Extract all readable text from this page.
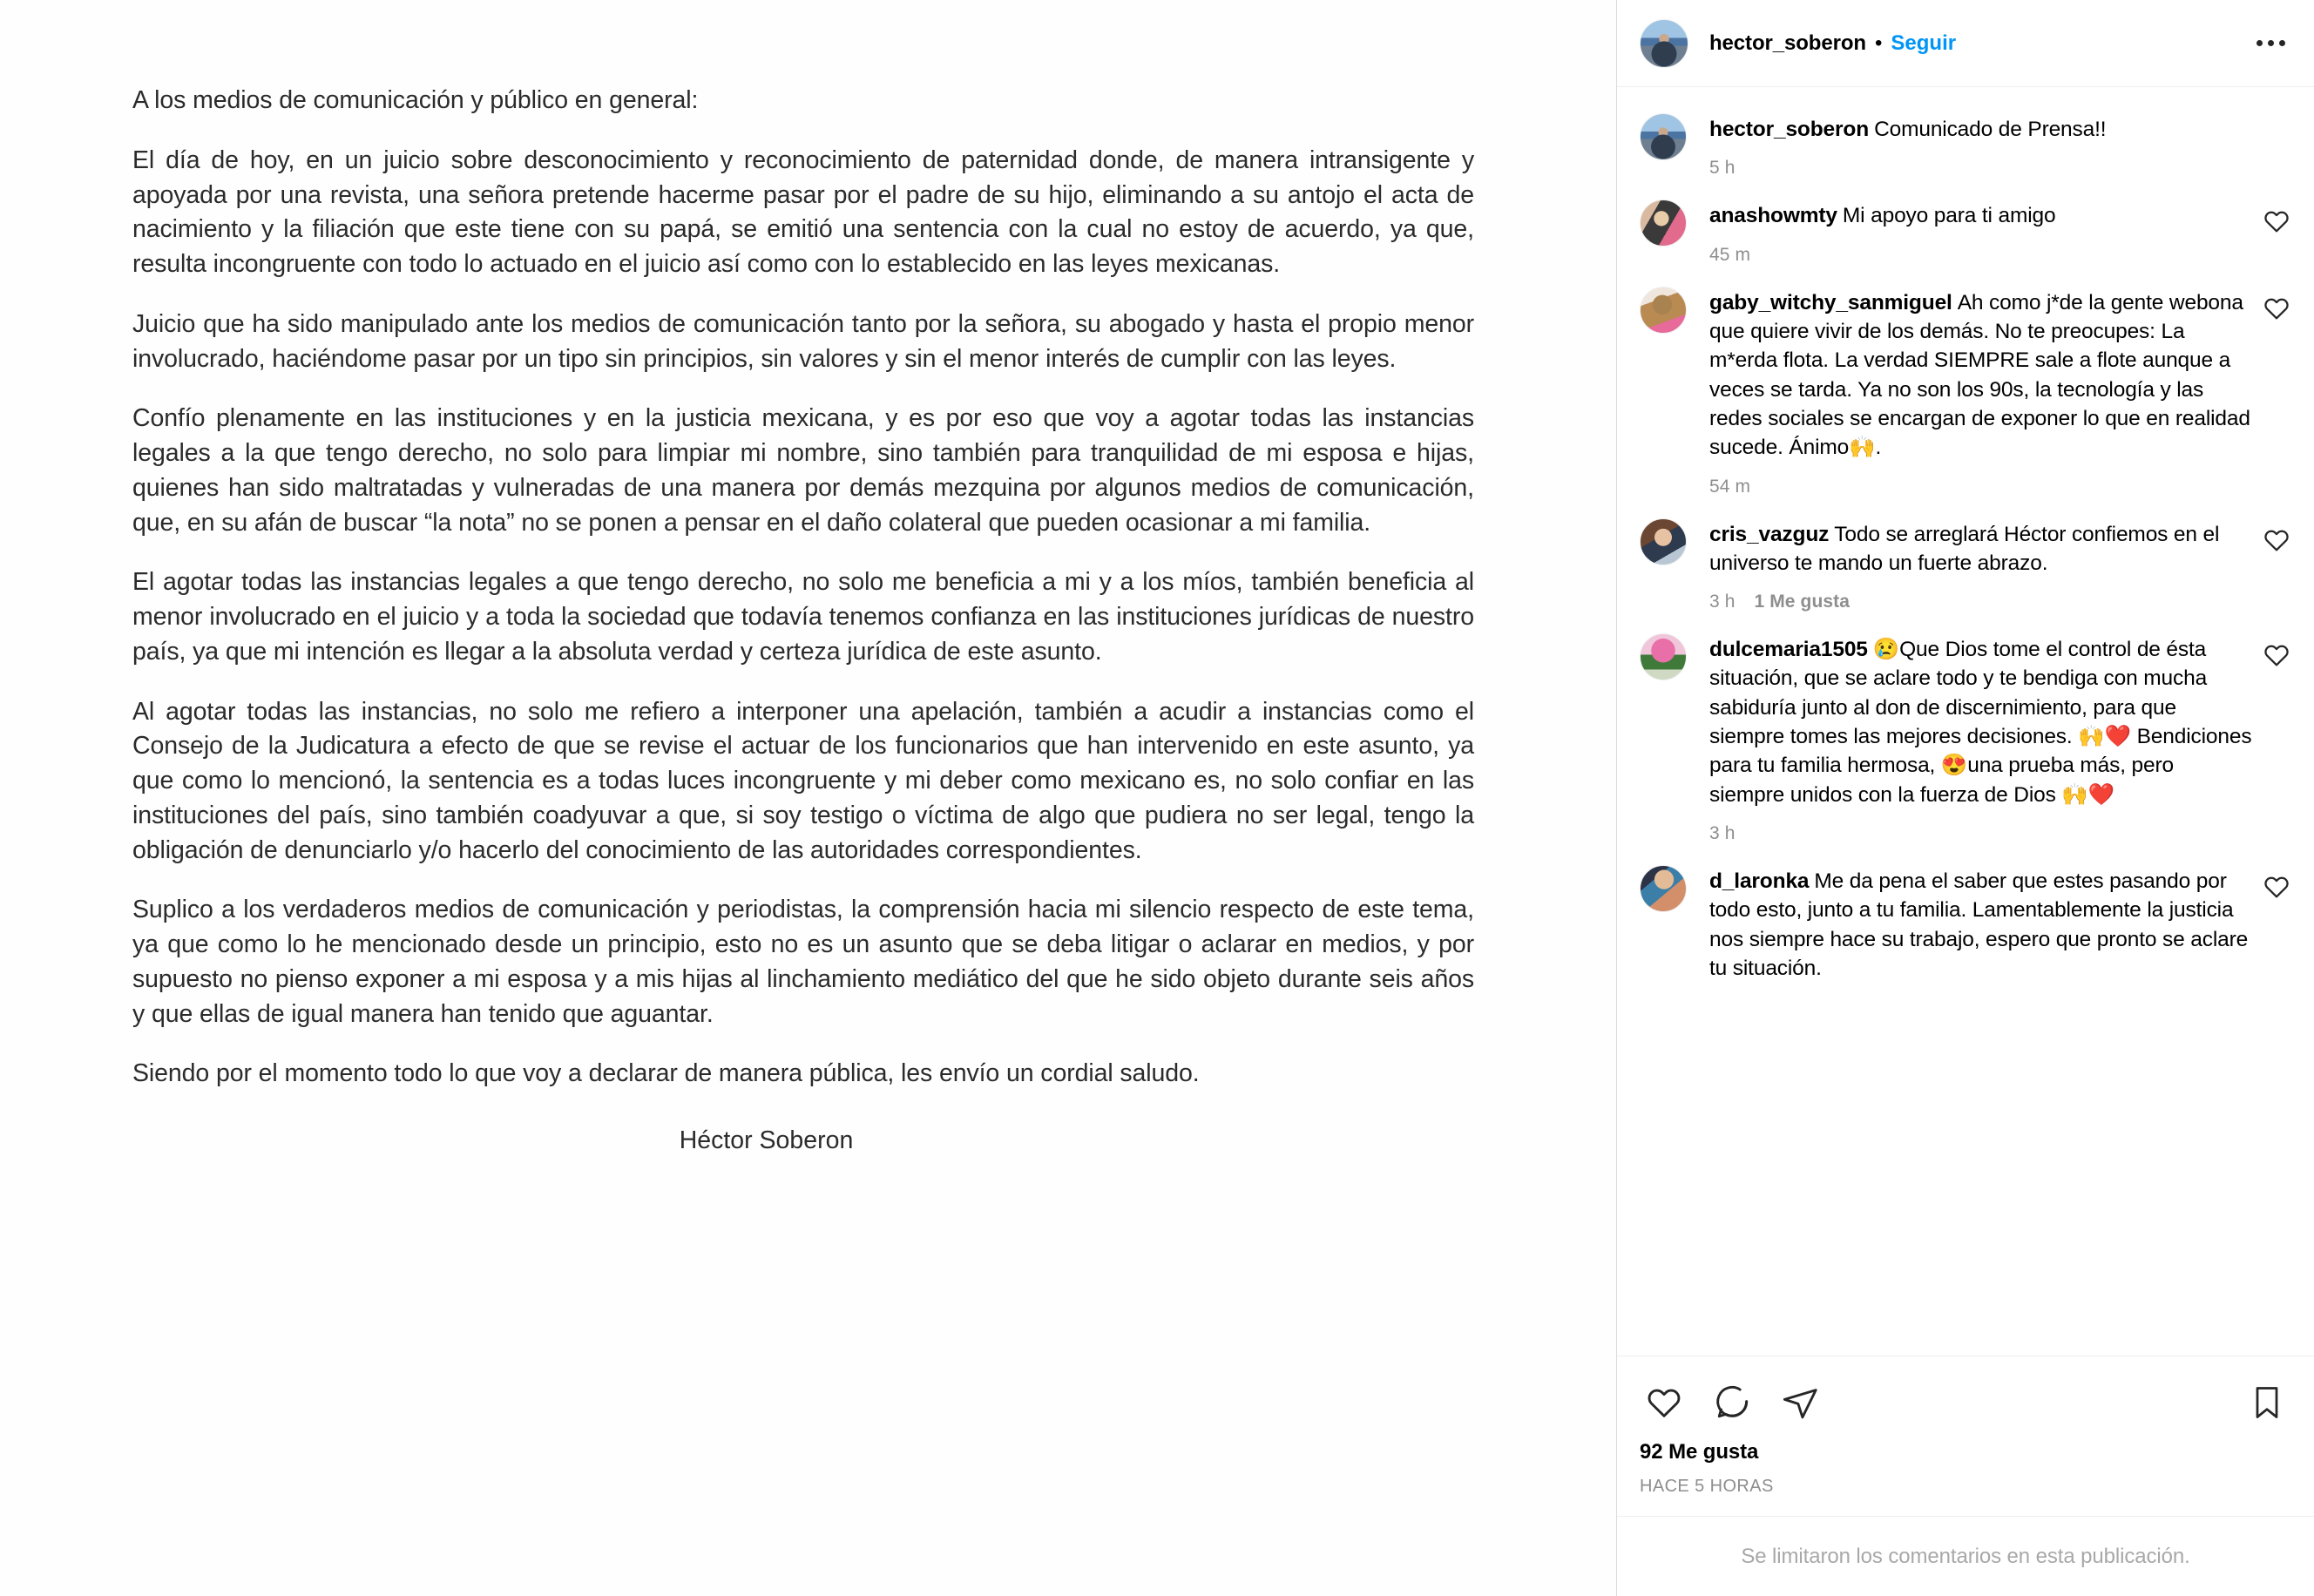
A los medios de comunicación y público en general:

El día de hoy, en un juicio sobre desconocimiento y reconocimiento de paternidad donde, de manera intransigente y apoyada por una revista, una señora pretende hacerme pasar por el padre de su hijo, eliminando a su antojo el acta de nacimiento y la filiación que este tiene con su papá, se emitió una sentencia con la cual no estoy de acuerdo, ya que, resulta incongruente con todo lo actuado en el juicio así como con lo establecido en las leyes mexicanas.

Juicio que ha sido manipulado ante los medios de comunicación tanto por la señora, su abogado y hasta el propio menor involucrado, haciéndome pasar por un tipo sin principios, sin valores y sin el menor interés de cumplir con las leyes.

Confío plenamente en las instituciones y en la justicia mexicana, y es por eso que voy a agotar todas las instancias legales a la que tengo derecho, no solo para limpiar mi nombre, sino también para tranquilidad de mi esposa e hijas, quienes han sido maltratadas y vulneradas de una manera por demás mezquina por algunos medios de comunicación, que, en su afán de buscar “la nota” no se ponen a pensar en el daño colateral que pueden ocasionar a mi familia.

El agotar todas las instancias legales a que tengo derecho, no solo me beneficia a mi y a los míos, también beneficia al menor involucrado en el juicio y a toda la sociedad que todavía tenemos confianza en las instituciones jurídicas de nuestro país, ya que mi intención es llegar a la absoluta verdad y certeza jurídica de este asunto.

Al agotar todas las instancias, no solo me refiero a interponer una apelación, también a acudir a instancias como el Consejo de la Judicatura a efecto de que se revise el actuar de los funcionarios que han intervenido en este asunto, ya que como lo mencionó, la sentencia es a todas luces incongruente y mi deber como mexicano es, no solo confiar en las instituciones del país, sino también coadyuvar a que, si soy testigo o víctima de algo que pudiera no ser legal, tengo la obligación de denunciarlo y/o hacerlo del conocimiento de las autoridades correspondientes.

Suplico a los verdaderos medios de comunicación y periodistas, la comprensión hacia mi silencio respecto de este tema, ya que como lo he mencionado desde un principio, esto no es un asunto que se deba litigar o aclarar en medios, y por supuesto no pienso exponer a mi esposa y a mis hijas al linchamiento mediático del que he sido objeto durante seis años y que ellas de igual manera han tenido que aguantar.

Siendo por el momento todo lo que voy a declarar de manera pública, les envío un cordial saludo.

Héctor Soberon
hector_soberon • Seguir
hector_soberon Comunicado de Prensa!!
5 h
anashowmty Mi apoyo para ti amigo
45 m
gaby_witchy_sanmiguel Ah como j*de la gente webona que quiere vivir de los demás. No te preocupes: La m*erda flota. La verdad SIEMPRE sale a flote aunque a veces se tarda. Ya no son los 90s, la tecnología y las redes sociales se encargan de exponer lo que en realidad sucede. Ánimo🙌.
54 m
cris_vazguz Todo se arreglará Héctor confiemos en el universo te mando un fuerte abrazo.
3 h 1 Me gusta
dulcemaria1505 😢Que Dios tome el control de ésta situación, que se aclare todo y te bendiga con mucha sabiduría junto al don de discernimiento, para que siempre tomes las mejores decisiones. 🙌❤️ Bendiciones para tu familia hermosa, 😍una prueba más, pero siempre unidos con la fuerza de Dios 🙌❤️
3 h
d_laronka Me da pena el saber que estes pasando por todo esto, junto a tu familia. Lamentablemente la justicia nos siempre hace su trabajo, espero que pronto se aclare tu situación.
92 Me gusta
HACE 5 HORAS
Se limitaron los comentarios en esta publicación.
